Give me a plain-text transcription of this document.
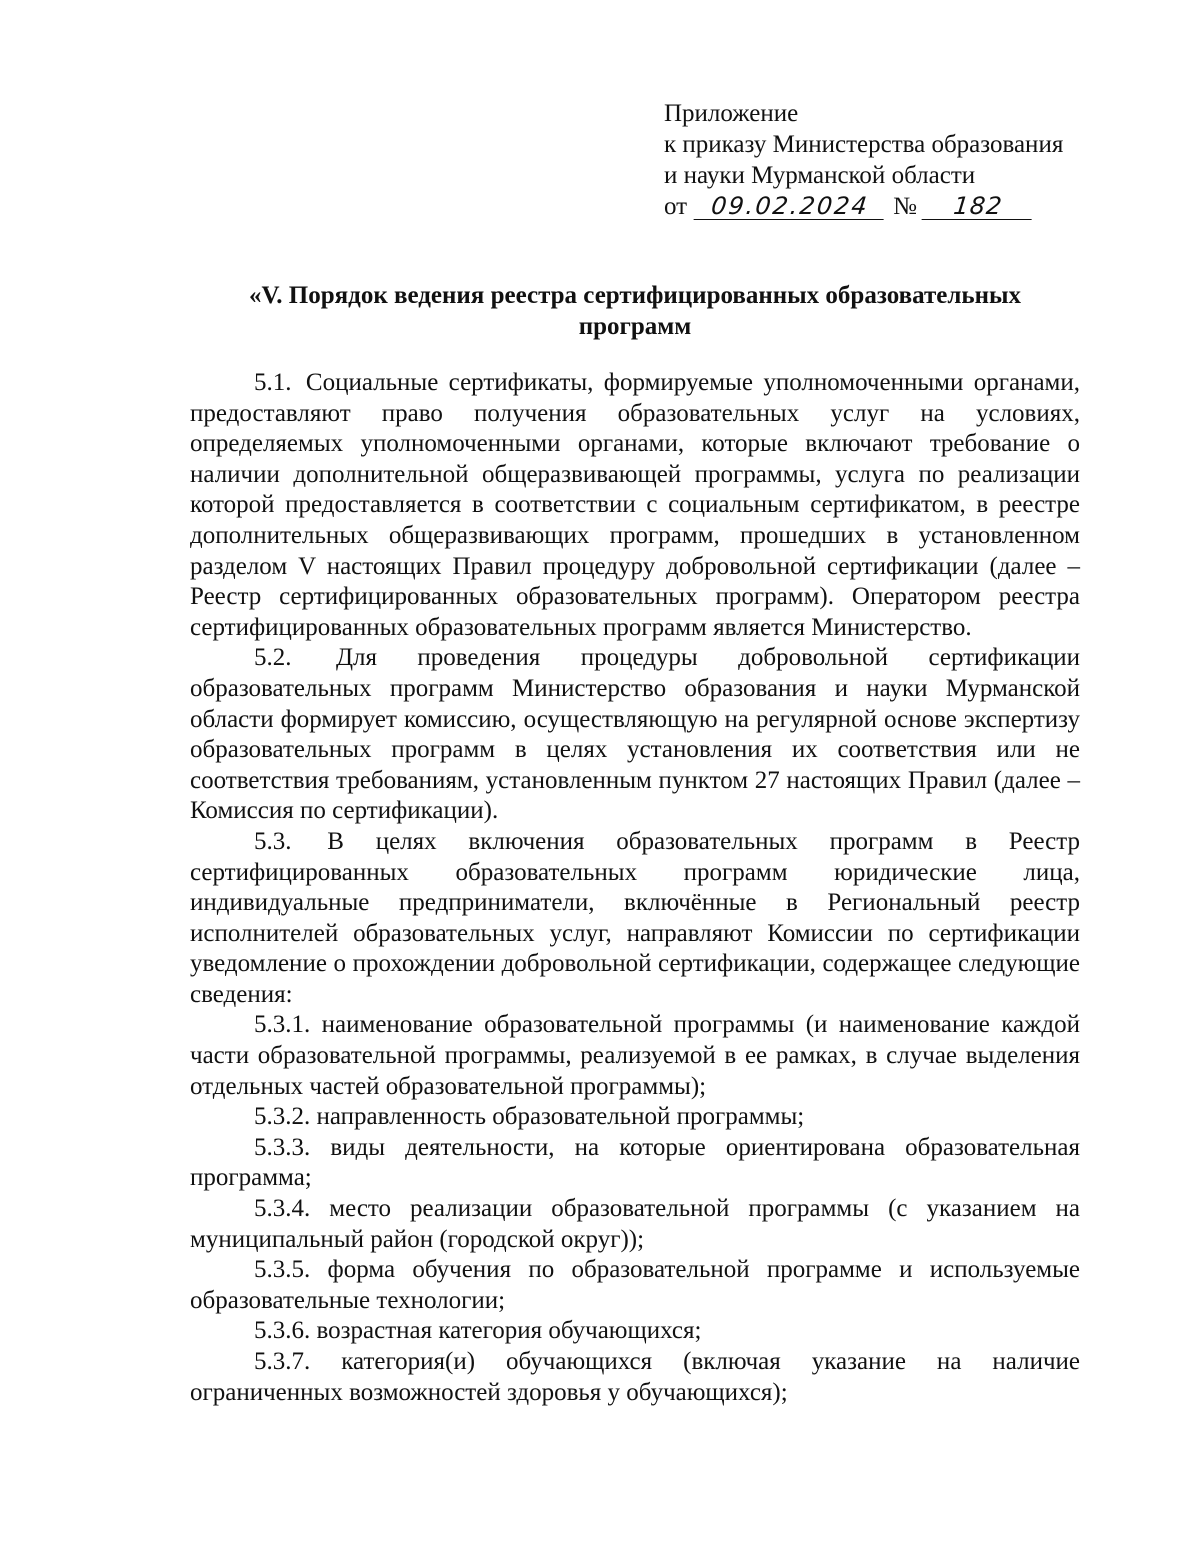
Приложение
к приказу Министерства образования
и науки Мурманской области
от 09.02.2024 №	182
«V. Порядок ведения реестра сертифицированных образовательных
программ

5.1. Социальные сертификаты, формируемые уполномоченными органами, предоставляют право получения образовательных услуг на условиях, определяемых уполномоченными органами, которые включают требование о наличии дополнительной общеразвивающей программы, услуга по реализации которой предоставляется в соответствии с социальным сертификатом, в реестре дополнительных общеразвивающих программ, прошедших в установленном разделом V настоящих Правил процедуру добровольной сертификации (далее – Реестр сертифицированных образовательных программ). Оператором реестра сертифицированных образовательных программ является Министерство.

5.2. Для проведения процедуры добровольной сертификации образовательных программ Министерство образования и науки Мурманской области формирует комиссию, осуществляющую на регулярной основе экспертизу образовательных программ в целях установления их соответствия или не соответствия требованиям, установленным пунктом 27 настоящих Правил (далее – Комиссия по сертификации).

5.3. В целях включения образовательных программ в Реестр сертифицированных образовательных программ юридические лица, индивидуальные предприниматели, включённые в Региональный реестр исполнителей образовательных услуг, направляют Комиссии по сертификации уведомление о прохождении добровольной сертификации, содержащее следующие сведения:

5.3.1. наименование образовательной программы (и наименование каждой части образовательной программы, реализуемой в ее рамках, в случае выделения отдельных частей образовательной программы);

5.3.2. направленность образовательной программы;

5.3.3. виды деятельности, на которые ориентирована образовательная программа;

5.3.4. место реализации образовательной программы (с указанием на муниципальный район (городской округ));

5.3.5. форма обучения по образовательной программе и используемые образовательные технологии;

5.3.6. возрастная категория обучающихся;

5.3.7. категория(и) обучающихся (включая указание на наличие ограниченных возможностей здоровья у обучающихся);
